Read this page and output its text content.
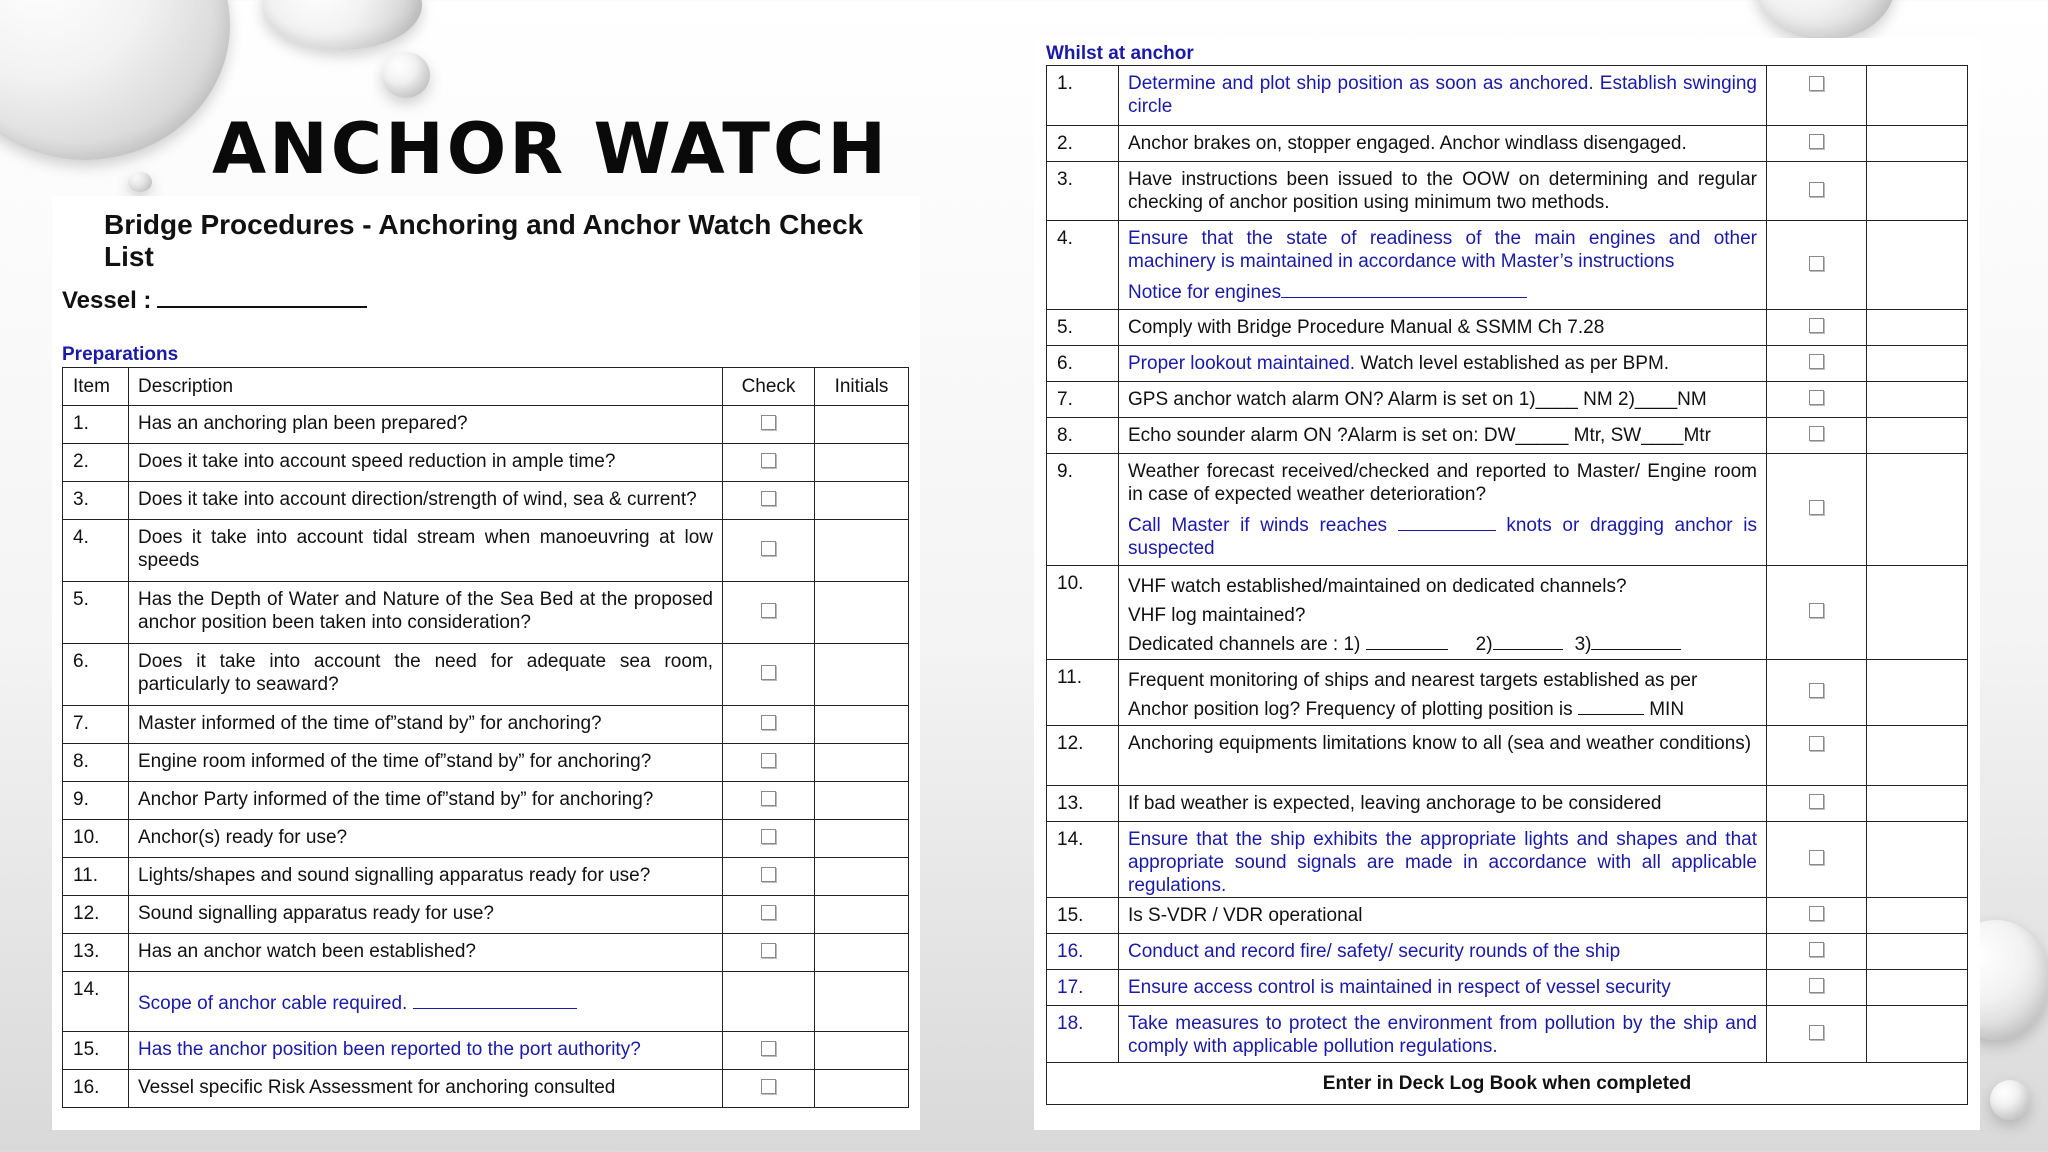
ANCHOR WATCH
Bridge Procedures - Anchoring and Anchor Watch Check List
Vessel :
Preparations
Item	Description	Check	Initials
1.	Has an anchoring plan been prepared?		
2.	Does it take into account speed reduction in ample time?		
3.	Does it take into account direction/strength of wind, sea & current?		
4.	Does it take into account tidal stream when manoeuvring at low speeds		
5.	Has the Depth of Water and Nature of the Sea Bed at the proposed anchor position been taken into consideration?		
6.	Does it take into account the need for adequate sea room, particularly to seaward?		
7.	Master informed of the time of”stand by” for anchoring?		
8.	Engine room informed of the time of”stand by” for anchoring?		
9.	Anchor Party informed of the time of”stand by” for anchoring?		
10.	Anchor(s) ready for use?		
11.	Lights/shapes and sound signalling apparatus ready for use?		
12.	Sound signalling apparatus ready for use?		
13.	Has an anchor watch been established?		
14.	Scope of anchor cable required.		
15.	Has the anchor position been reported to the port authority?		
16.	Vessel specific Risk Assessment for anchoring consulted		
Whilst at anchor
1.	Determine and plot ship position as soon as anchored. Establish swinging circle		
2.	Anchor brakes on, stopper engaged. Anchor windlass disengaged.		
3.	Have instructions been issued to the OOW on determining and regular checking of anchor position using minimum two methods.		
4.	Ensure that the state of readiness of the main engines and other machinery is maintained in accordance with Master’s instructions

Notice for engines		

5.	Comply with Bridge Procedure Manual & SSMM Ch 7.28		
6.	Proper lookout maintained. Watch level established as per BPM.		
7.	GPS anchor watch alarm ON? Alarm is set on 1)____ NM 2)____NM		
8.	Echo sounder alarm ON ?Alarm is set on: DW_____ Mtr, SW____Mtr		
9.	Weather forecast received/checked and reported to Master/ Engine room in case of expected weather deterioration?

Call Master if winds reaches knots or dragging anchor is suspected		

10.	VHF watch established/maintained on dedicated channels?

VHF log maintained?

Dedicated channels are : 1) 2) 3)		

11.	Frequent monitoring of ships and nearest targets established as per

Anchor position log? Frequency of plotting position is MIN		

12.	Anchoring equipments limitations know to all (sea and weather conditions)		
13.	If bad weather is expected, leaving anchorage to be considered		
14.	Ensure that the ship exhibits the appropriate lights and shapes and that appropriate sound signals are made in accordance with all applicable regulations.		
15.	Is S-VDR / VDR operational		
16.	Conduct and record fire/ safety/ security rounds of the ship		
17.	Ensure access control is maintained in respect of vessel security		
18.	Take measures to protect the environment from pollution by the ship and comply with applicable pollution regulations.		
Enter in Deck Log Book when completed			
